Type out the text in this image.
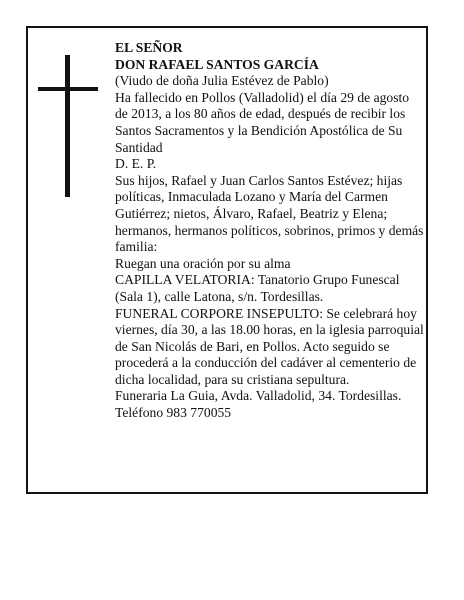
EL SEÑOR

DON RAFAEL SANTOS GARCÍA

(Viudo de doña Julia Estévez de Pablo)

Ha fallecido en Pollos (Valladolid) el día 29 de agosto de 2013, a los 80 años de edad, después de recibir los Santos Sacramentos y la Bendición Apostólica de Su Santidad

D. E. P.

Sus hijos, Rafael y Juan Carlos Santos Estévez; hijas políticas, Inmaculada Lozano y María del Carmen Gutiérrez; nietos, Álvaro, Rafael, Beatriz y Elena; hermanos, hermanos políticos, sobrinos, primos y demás familia:

Ruegan una oración por su alma

CAPILLA VELATORIA: Tanatorio Grupo Funescal (Sala 1), calle Latona, s/n. Tordesillas.

FUNERAL CORPORE INSEPULTO: Se celebrará hoy viernes, día 30, a las 18.00 horas, en la iglesia parroquial de San Nicolás de Bari, en Pollos. Acto seguido se procederá a la conducción del cadáver al cementerio de dicha localidad, para su cristiana sepultura.

Funeraria La Guia, Avda. Valladolid, 34. Tordesillas.

Teléfono 983 770055
